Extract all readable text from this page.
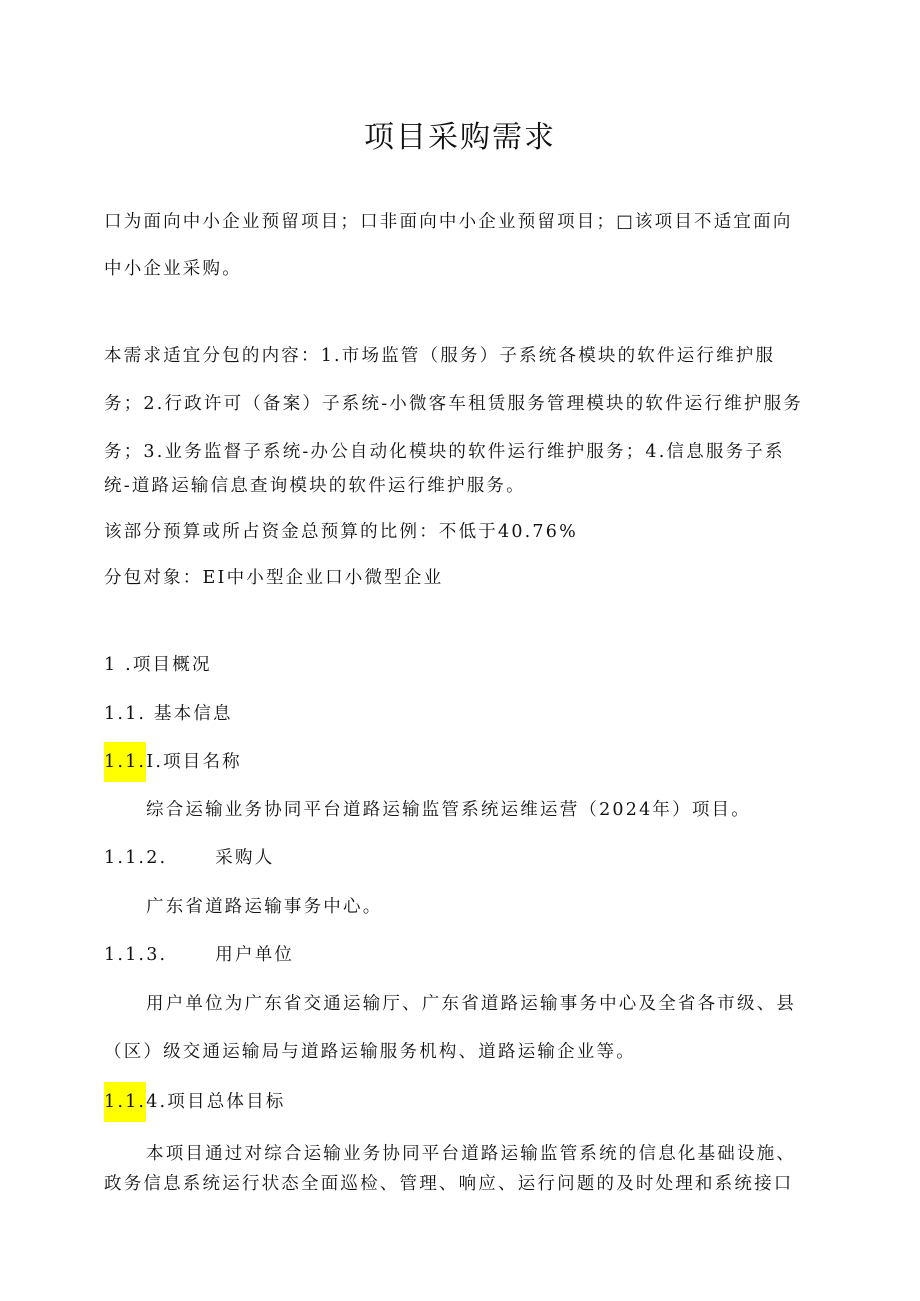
项目采购需求
口为面向中小企业预留项目；口非面向中小企业预留项目；□该项目不适宜面向
中小企业采购。
本需求适宜分包的内容：1.市场监管（服务）子系统各模块的软件运行维护服
务；2.行政许可（备案）子系统-小微客车租赁服务管理模块的软件运行维护服务
务；3.业务监督子系统-办公自动化模块的软件运行维护服务；4.信息服务子系
统-道路运输信息查询模块的软件运行维护服务。
该部分预算或所占资金总预算的比例：不低于40.76%
分包对象：EI中小型企业口小微型企业
1 .项目概况
1.1. 基本信息
1.1.I.项目名称
综合运输业务协同平台道路运输监管系统运维运营（2024年）项目。
1.1.2.	采购人
广东省道路运输事务中心。
1.1.3.	用户单位
用户单位为广东省交通运输厅、广东省道路运输事务中心及全省各市级、县
（区）级交通运输局与道路运输服务机构、道路运输企业等。
1.1.4.项目总体目标
本项目通过对综合运输业务协同平台道路运输监管系统的信息化基础设施、
政务信息系统运行状态全面巡检、管理、响应、运行问题的及时处理和系统接口
